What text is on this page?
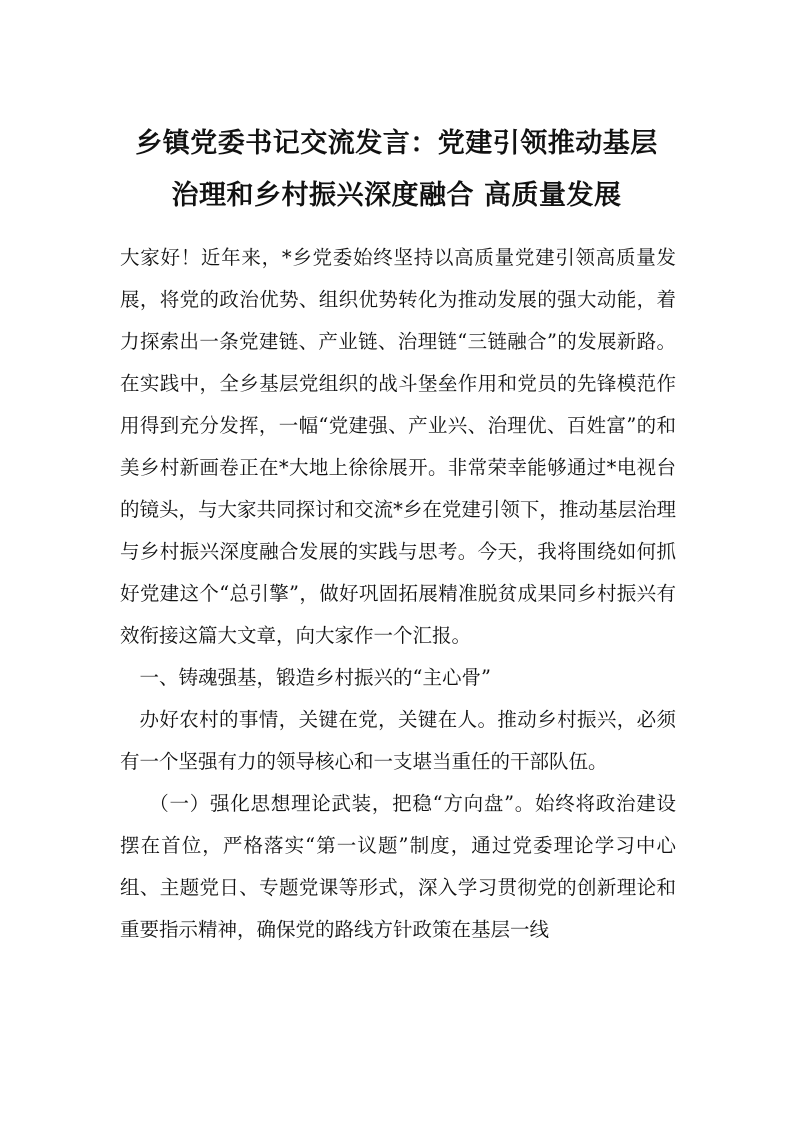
乡镇党委书记交流发言：党建引领推动基层
治理和乡村振兴深度融合 高质量发展

大家好！近年来，*乡党委始终坚持以高质量党建引领高质量发展，将党的政治优势、组织优势转化为推动发展的强大动能，着力探索出一条党建链、产业链、治理链“三链融合”的发展新路。在实践中，全乡基层党组织的战斗堡垒作用和党员的先锋模范作用得到充分发挥，一幅“党建强、产业兴、治理优、百姓富”的和美乡村新画卷正在*大地上徐徐展开。非常荣幸能够通过*电视台的镜头，与大家共同探讨和交流*乡在党建引领下，推动基层治理与乡村振兴深度融合发展的实践与思考。今天，我将围绕如何抓好党建这个“总引擎”，做好巩固拓展精准脱贫成果同乡村振兴有效衔接这篇大文章，向大家作一个汇报。

一、铸魂强基，锻造乡村振兴的“主心骨”

办好农村的事情，关键在党，关键在人。推动乡村振兴，必须有一个坚强有力的领导核心和一支堪当重任的干部队伍。

（一）强化思想理论武装，把稳“方向盘”。始终将政治建设摆在首位，严格落实“第一议题”制度，通过党委理论学习中心组、主题党日、专题党课等形式，深入学习贯彻党的创新理论和重要指示精神，确保党的路线方针政策在基层一线
